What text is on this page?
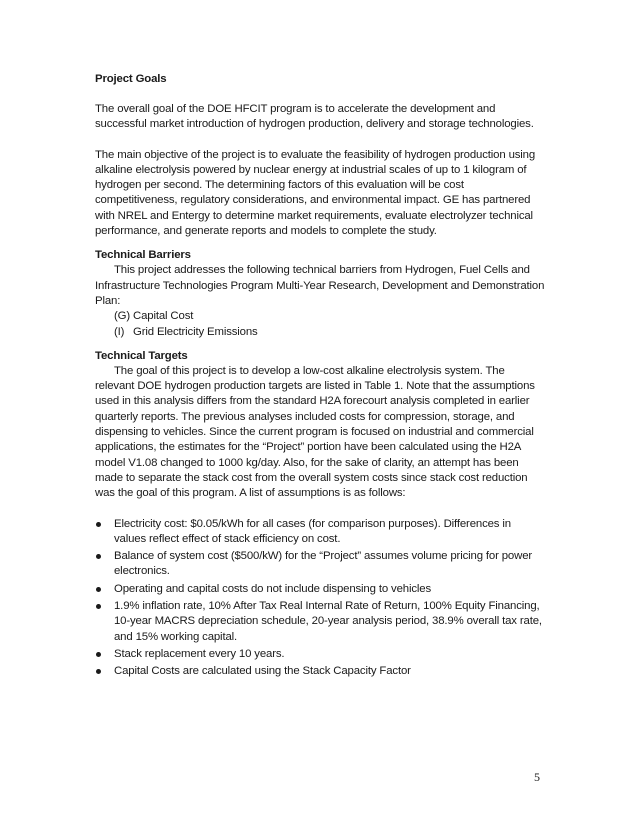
Project Goals

The overall goal of the DOE HFCIT program is to accelerate the development and successful market introduction of hydrogen production, delivery and storage technologies.

The main objective of the project is to evaluate the feasibility of hydrogen production using alkaline electrolysis powered by nuclear energy at industrial scales of up to 1 kilogram of hydrogen per second. The determining factors of this evaluation will be cost competitiveness, regulatory considerations, and environmental impact. GE has partnered with NREL and Entergy to determine market requirements, evaluate electrolyzer technical performance, and generate reports and models to complete the study.

Technical Barriers

This project addresses the following technical barriers from Hydrogen, Fuel Cells and Infrastructure Technologies Program Multi-Year Research, Development and Demonstration Plan:

(G) Capital Cost
(I) Grid Electricity Emissions

Technical Targets

The goal of this project is to develop a low-cost alkaline electrolysis system. The relevant DOE hydrogen production targets are listed in Table 1. Note that the assumptions used in this analysis differs from the standard H2A forecourt analysis completed in earlier quarterly reports. The previous analyses included costs for compression, storage, and dispensing to vehicles. Since the current program is focused on industrial and commercial applications, the estimates for the “Project” portion have been calculated using the H2A model V1.08 changed to 1000 kg/day. Also, for the sake of clarity, an attempt has been made to separate the stack cost from the overall system costs since stack cost reduction was the goal of this program. A list of assumptions is as follows:

Electricity cost: $0.05/kWh for all cases (for comparison purposes). Differences in values reflect effect of stack efficiency on cost.
Balance of system cost ($500/kW) for the “Project” assumes volume pricing for power electronics.
Operating and capital costs do not include dispensing to vehicles
1.9% inflation rate, 10% After Tax Real Internal Rate of Return, 100% Equity Financing, 10-year MACRS depreciation schedule, 20-year analysis period, 38.9% overall tax rate, and 15% working capital.
Stack replacement every 10 years.
Capital Costs are calculated using the Stack Capacity Factor
5
